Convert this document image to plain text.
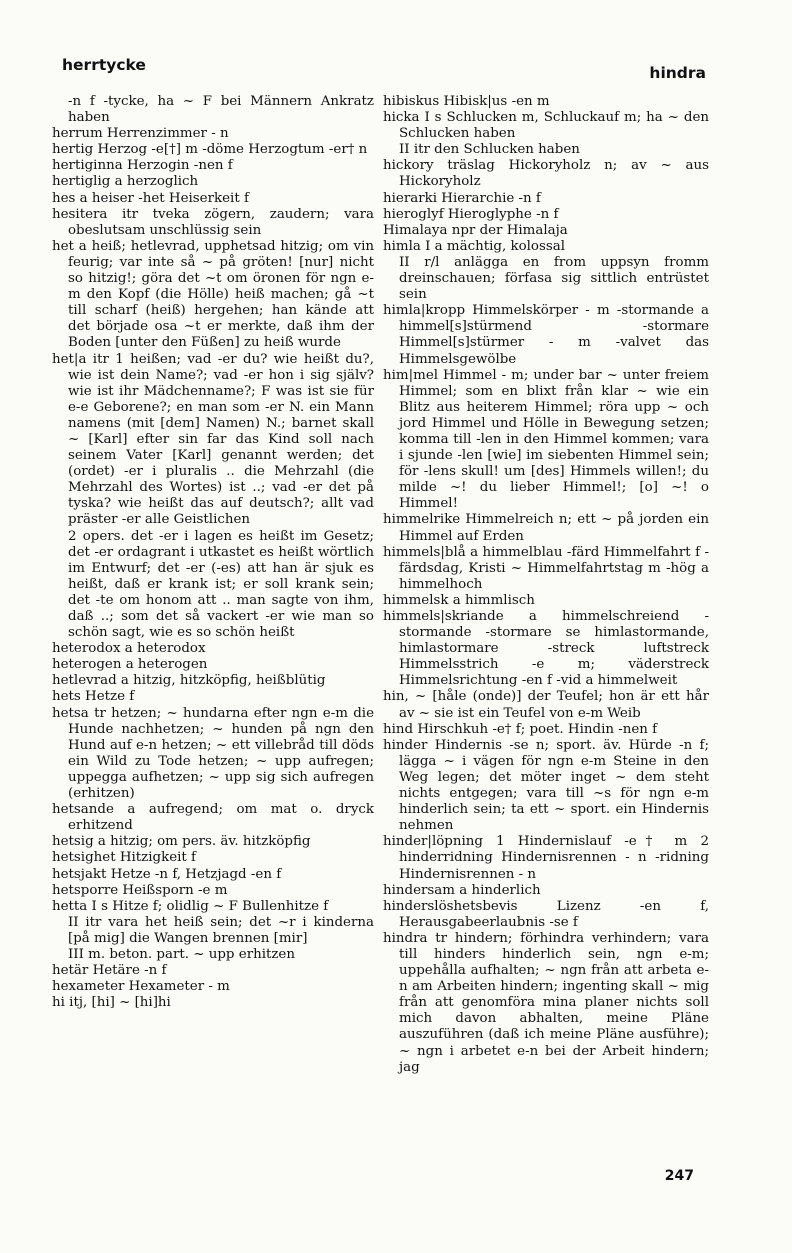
herrtycke	hindra

-n f -tycke, ha ~ F bei Männern Ankratz haben

herrum Herrenzimmer - n

hertig Herzog -e[†] m -döme Herzogtum -er† n

hertiginna Herzogin -nen f

hertiglig a herzoglich

hes a heiser -het Heiserkeit f

hesitera itr tveka zögern, zaudern; vara obeslutsam unschlüssig sein

het a heiß; hetlevrad, upphetsad hitzig; om vin feurig; var inte så ~ på gröten! [nur] nicht so hitzig!; göra det ~t om öronen för ngn e-m den Kopf (die Hölle) heiß machen; gå ~t till scharf (heiß) hergehen; han kände att det började osa ~t er merkte, daß ihm der Boden [unter den Füßen] zu heiß wurde

het|a itr 1 heißen; vad -er du? wie heißt du?, wie ist dein Name?; vad -er hon i sig själv? wie ist ihr Mädchenname?; F was ist sie für e-e Geborene?; en man som -er N. ein Mann namens (mit [dem] Namen) N.; barnet skall ~ [Karl] efter sin far das Kind soll nach seinem Vater [Karl] genannt werden; det (ordet) -er i pluralis .. die Mehrzahl (die Mehrzahl des Wortes) ist ..; vad -er det på tyska? wie heißt das auf deutsch?; allt vad präster -er alle Geistlichen

2 opers. det -er i lagen es heißt im Gesetz; det -er ordagrant i utkastet es heißt wörtlich im Entwurf; det -er (-es) att han är sjuk es heißt, daß er krank ist; er soll krank sein; det -te om honom att .. man sagte von ihm, daß ..; som det så vackert -er wie man so schön sagt, wie es so schön heißt

heterodox a heterodox

heterogen a heterogen

hetlevrad a hitzig, hitzköpfig, heißblütig

hets Hetze f

hetsa tr hetzen; ~ hundarna efter ngn e-m die Hunde nachhetzen; ~ hunden på ngn den Hund auf e-n hetzen; ~ ett villebråd till döds ein Wild zu Tode hetzen; ~ upp aufregen; uppegga aufhetzen; ~ upp sig sich aufregen (erhitzen)

hetsande a aufregend; om mat o. dryck erhitzend

hetsig a hitzig; om pers. äv. hitzköpfig

hetsighet Hitzigkeit f

hetsjakt Hetze -n f, Hetzjagd -en f

hetsporre Heißsporn -e m

hetta I s Hitze f; olidlig ~ F Bullenhitze f

II itr vara het heiß sein; det ~r i kinderna [på mig] die Wangen brennen [mir]

III m. beton. part. ~ upp erhitzen

hetär Hetäre -n f

hexameter Hexameter - m

hi itj, [hi] ~ [hi]hi

hibiskus Hibisk|us -en m

hicka I s Schlucken m, Schluckauf m; ha ~ den Schlucken haben

II itr den Schlucken haben

hickory träslag Hickoryholz n; av ~ aus Hickoryholz

hierarki Hierarchie -n f

hieroglyf Hieroglyphe -n f

Himalaya npr der Himalaja

himla I a mächtig, kolossal

II r/l anlägga en from uppsyn fromm dreinschauen; förfasa sig sittlich entrüstet sein

himla|kropp Himmelskörper - m -stormande a himmel[s]stürmend -stormare Himmel[s]stürmer - m -valvet das Himmelsgewölbe

him|mel Himmel - m; under bar ~ unter freiem Himmel; som en blixt från klar ~ wie ein Blitz aus heiterem Himmel; röra upp ~ och jord Himmel und Hölle in Bewegung setzen; komma till -len in den Himmel kommen; vara i sjunde -len [wie] im siebenten Himmel sein; för -lens skull! um [des] Himmels willen!; du milde ~! du lieber Himmel!; [o] ~! o Himmel!

himmelrike Himmelreich n; ett ~ på jorden ein Himmel auf Erden

himmels|blå a himmelblau -färd Himmelfahrt f -färdsdag, Kristi ~ Himmelfahrtstag m -hög a himmelhoch

himmelsk a himmlisch

himmels|skriande a himmelschreiend -stormande -stormare se himlastormande, himlastormare -streck luftstreck Himmelsstrich -e m; väderstreck Himmelsrichtung -en f -vid a himmelweit

hin, ~ [håle (onde)] der Teufel; hon är ett hår av ~ sie ist ein Teufel von e-m Weib

hind Hirschkuh -e† f; poet. Hindin -nen f

hinder Hindernis -se n; sport. äv. Hürde -n f; lägga ~ i vägen för ngn e-m Steine in den Weg legen; det möter inget ~ dem steht nichts entgegen; vara till ~s för ngn e-m hinderlich sein; ta ett ~ sport. ein Hindernis nehmen

hinder|löpning 1 Hindernislauf -e† m 2 hinderridning Hindernisrennen - n -ridning Hindernisrennen - n

hindersam a hinderlich

hinderslöshetsbevis Lizenz -en f, Herausgabeerlaubnis -se f

hindra tr hindern; förhindra verhindern; vara till hinders hinderlich sein, ngn e-m; uppehålla aufhalten; ~ ngn från att arbeta e-n am Arbeiten hindern; ingenting skall ~ mig från att genomföra mina planer nichts soll mich davon abhalten, meine Pläne auszuführen (daß ich meine Pläne ausführe); ~ ngn i arbetet e-n bei der Arbeit hindern; jag

247
